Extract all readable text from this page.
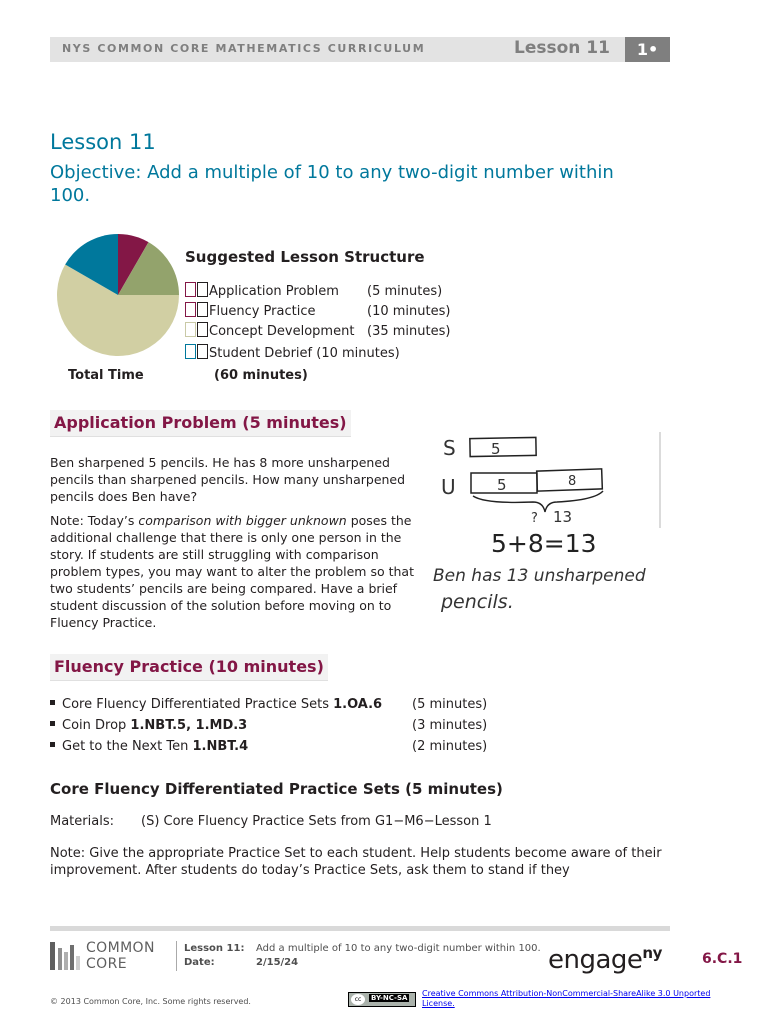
NYS COMMON CORE MATHEMATICS CURRICULUM	Lesson 11	1•
Lesson 11
Objective: Add a multiple of 10 to any two-digit number within 100.
Suggested Lesson Structure
Application Problem (5 minutes)
Fluency Practice	(10 minutes)
Concept Development (35 minutes)
Student Debrief (10 minutes)
Total Time	(60 minutes)
Application Problem (5 minutes)
Ben sharpened 5 pencils. He has 8 more unsharpened pencils than sharpened pencils. How many unsharpened pencils does Ben have?
Note: Today’s comparison with bigger unknown poses the additional challenge that there is only one person in the story. If students are still struggling with comparison problem types, you may want to alter the problem so that two students’ pencils are being compared. Have a brief student discussion of the solution before moving on to Fluency Practice.
S 5
U	5	8
? 13
5+8=13
Ben has 13 unsharpened
pencils.
Fluency Practice (10 minutes)
Core Fluency Differentiated Practice Sets 1.OA.6 (5 minutes)
Coin Drop 1.NBT.5, 1.MD.3	(3 minutes)
Get to the Next Ten 1.NBT.4	(2 minutes)
Core Fluency Differentiated Practice Sets (5 minutes)
Materials: (S) Core Fluency Practice Sets from G1−M6−Lesson 1
Note: Give the appropriate Practice Set to each student. Help students become aware of their improvement. After students do today’s Practice Sets, ask them to stand if they
COMMON
CORE
Lesson 11: Add a multiple of 10 to any two-digit number within 100.
Date:	2/15/24	engage$^{ny}$	6.C.1
© 2013 Common Core, Inc. Some rights reserved.	cc	BY-NC-SA Creative Commons Attribution-NonCommercial-ShareAlike 3.0 Unported License.
